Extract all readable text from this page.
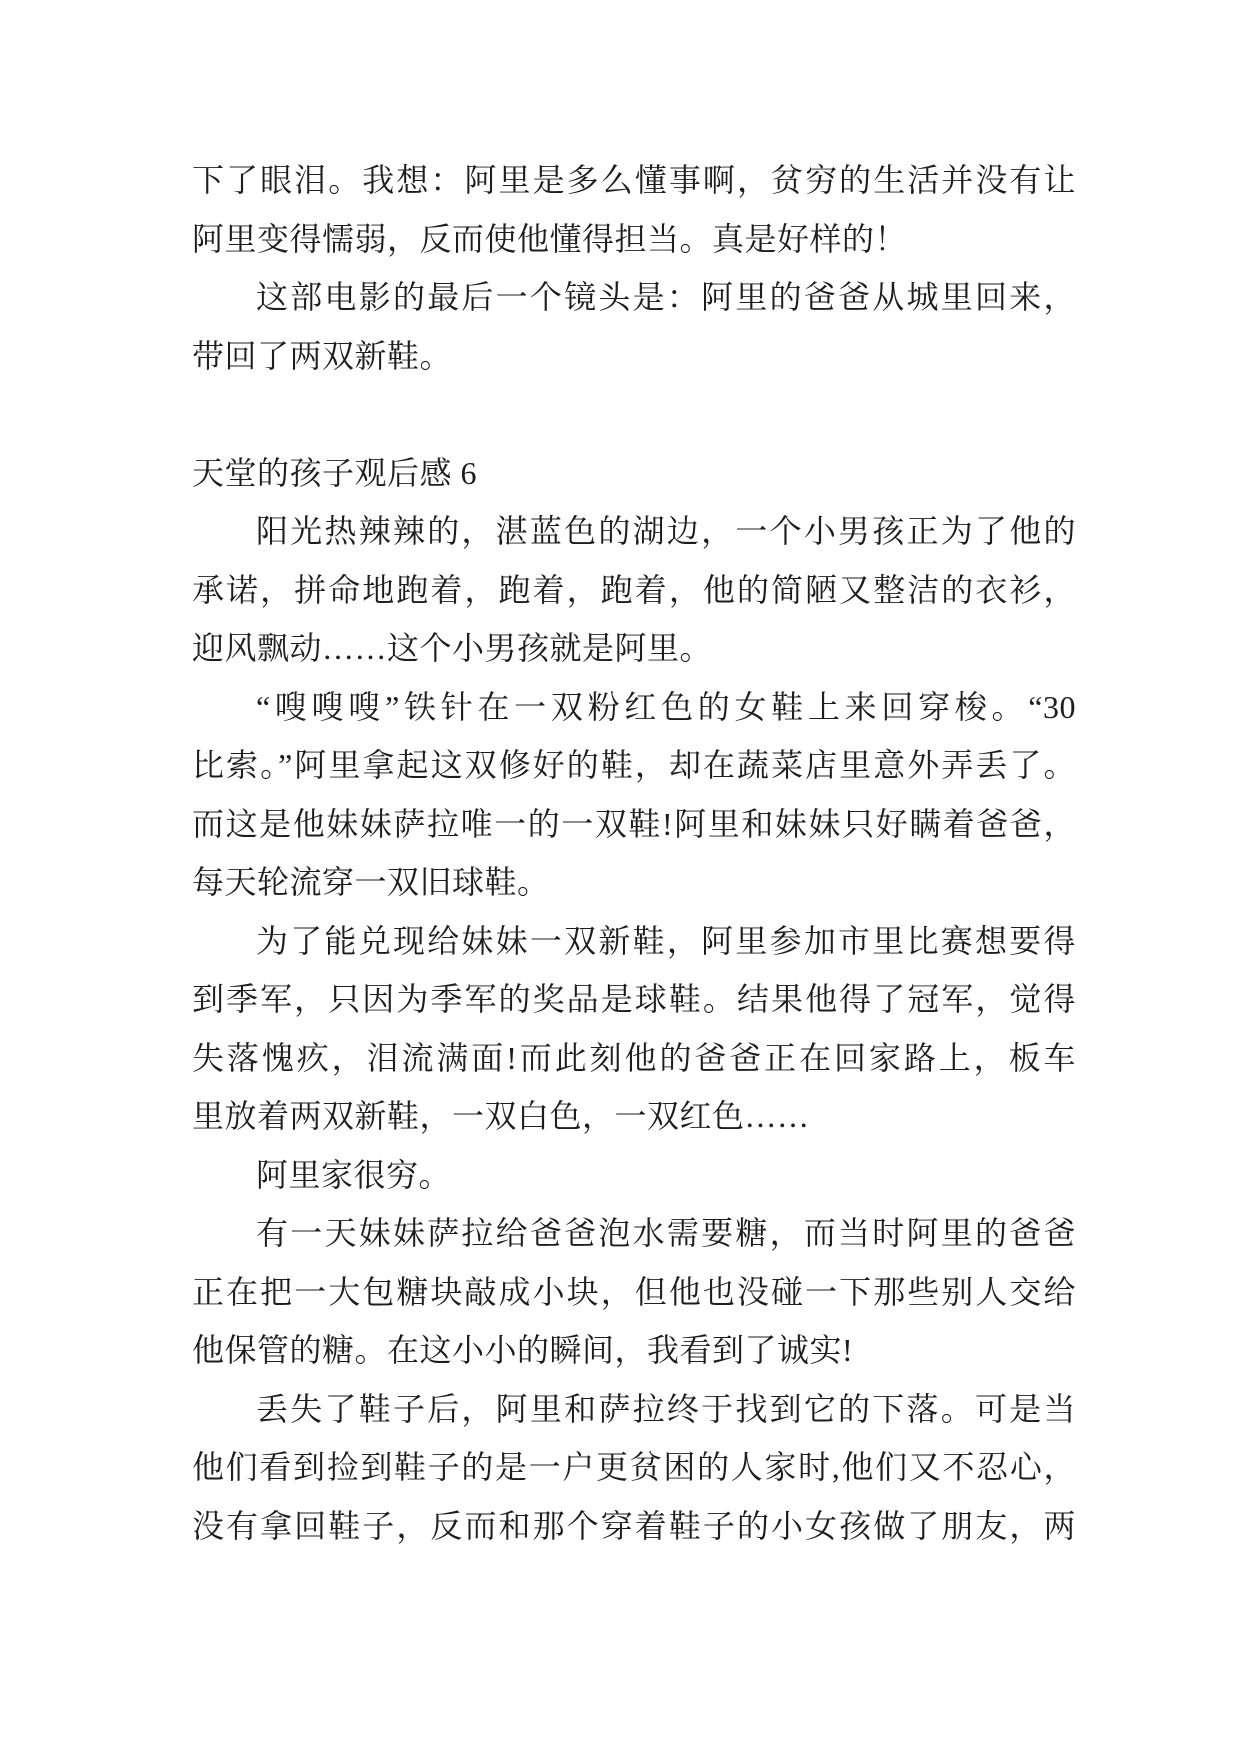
下了眼泪。我想：阿里是多么懂事啊，贫穷的生活并没有让
阿里变得懦弱，反而使他懂得担当。真是好样的！
这部电影的最后一个镜头是：阿里的爸爸从城里回来，
带回了两双新鞋。
天堂的孩子观后感 6
阳光热辣辣的，湛蓝色的湖边，一个小男孩正为了他的
承诺，拼命地跑着，跑着，跑着，他的简陋又整洁的衣衫，
迎风飘动……这个小男孩就是阿里。
“嗖嗖嗖”铁针在一双粉红色的女鞋上来回穿梭。“30
比索。”阿里拿起这双修好的鞋，却在蔬菜店里意外弄丢了。
而这是他妹妹萨拉唯一的一双鞋!阿里和妹妹只好瞒着爸爸，
每天轮流穿一双旧球鞋。
为了能兑现给妹妹一双新鞋，阿里参加市里比赛想要得
到季军，只因为季军的奖品是球鞋。结果他得了冠军，觉得
失落愧疚，泪流满面!而此刻他的爸爸正在回家路上，板车
里放着两双新鞋，一双白色，一双红色……
阿里家很穷。
有一天妹妹萨拉给爸爸泡水需要糖，而当时阿里的爸爸
正在把一大包糖块敲成小块，但他也没碰一下那些别人交给
他保管的糖。在这小小的瞬间，我看到了诚实!
丢失了鞋子后，阿里和萨拉终于找到它的下落。可是当
他们看到捡到鞋子的是一户更贫困的人家时,他们又不忍心，
没有拿回鞋子，反而和那个穿着鞋子的小女孩做了朋友，两
